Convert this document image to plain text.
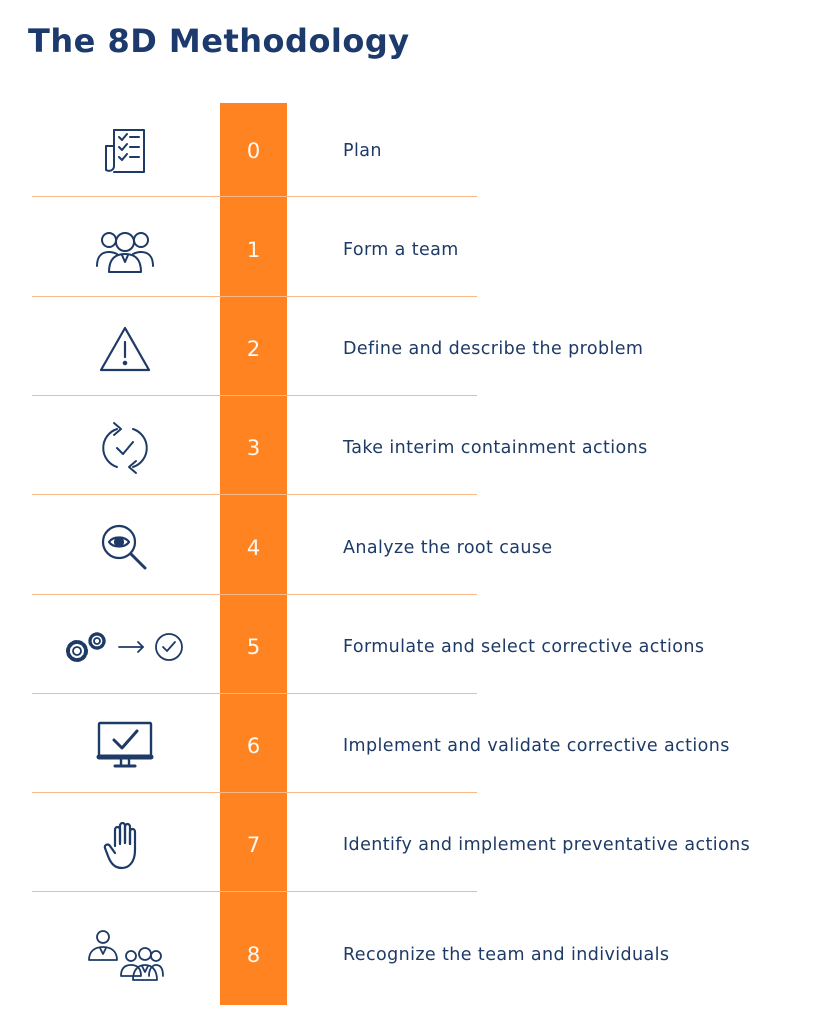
The 8D Methodology
0	Plan
1	Form a team
2	Define and describe the problem
3	Take interim containment actions
4	Analyze the root cause
5	Formulate and select corrective actions
6	Implement and validate corrective actions
7	Identify and implement preventative actions
8	Recognize the team and individuals
